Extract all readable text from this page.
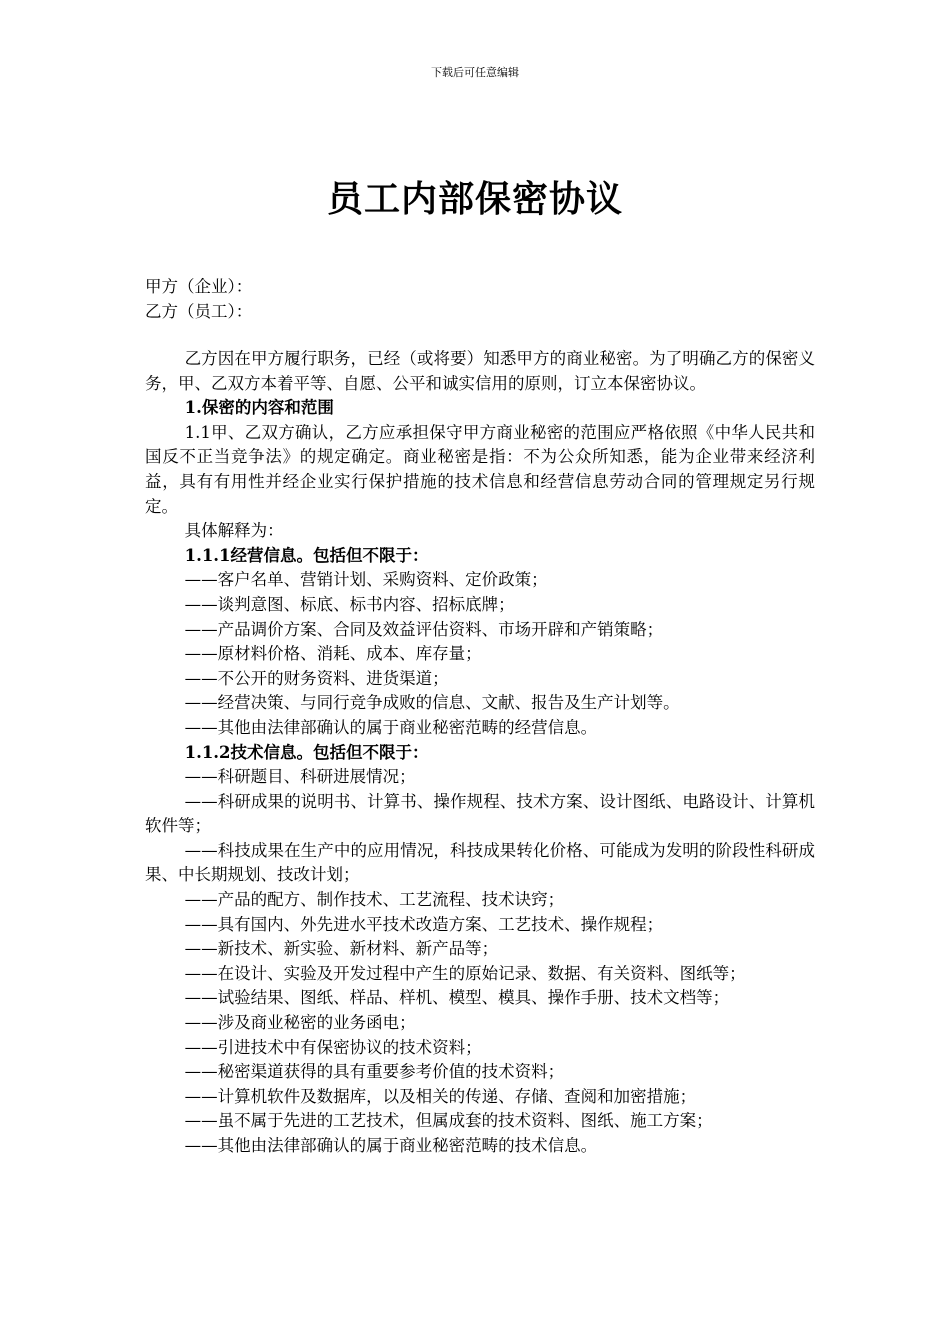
下载后可任意编辑
员工内部保密协议
甲方（企业）：
乙方（员工）：

乙方因在甲方履行职务，已经（或将要）知悉甲方的商业秘密。为了明确乙方的保密义务，甲、乙双方本着平等、自愿、公平和诚实信用的原则，订立本保密协议。

1.保密的内容和范围

1.1甲、乙双方确认，乙方应承担保守甲方商业秘密的范围应严格依照《中华人民共和国反不正当竞争法》的规定确定。商业秘密是指：不为公众所知悉，能为企业带来经济利益，具有有用性并经企业实行保护措施的技术信息和经营信息劳动合同的管理规定另行规定。

具体解释为：

1.1.1经营信息。包括但不限于：

——客户名单、营销计划、采购资料、定价政策；

——谈判意图、标底、标书内容、招标底牌；

——产品调价方案、合同及效益评估资料、市场开辟和产销策略；

——原材料价格、消耗、成本、库存量；

——不公开的财务资料、进货渠道；

——经营决策、与同行竞争成败的信息、文献、报告及生产计划等。

——其他由法律部确认的属于商业秘密范畴的经营信息。

1.1.2技术信息。包括但不限于：

——科研题目、科研进展情况；

——科研成果的说明书、计算书、操作规程、技术方案、设计图纸、电路设计、计算机软件等；

——科技成果在生产中的应用情况，科技成果转化价格、可能成为发明的阶段性科研成果、中长期规划、技改计划；

——产品的配方、制作技术、工艺流程、技术诀窍；

——具有国内、外先进水平技术改造方案、工艺技术、操作规程；

——新技术、新实验、新材料、新产品等；

——在设计、实验及开发过程中产生的原始记录、数据、有关资料、图纸等；

——试验结果、图纸、样品、样机、模型、模具、操作手册、技术文档等；

——涉及商业秘密的业务函电；

——引进技术中有保密协议的技术资料；

——秘密渠道获得的具有重要参考价值的技术资料；

——计算机软件及数据库，以及相关的传递、存储、查阅和加密措施；

——虽不属于先进的工艺技术，但属成套的技术资料、图纸、施工方案；

——其他由法律部确认的属于商业秘密范畴的技术信息。
